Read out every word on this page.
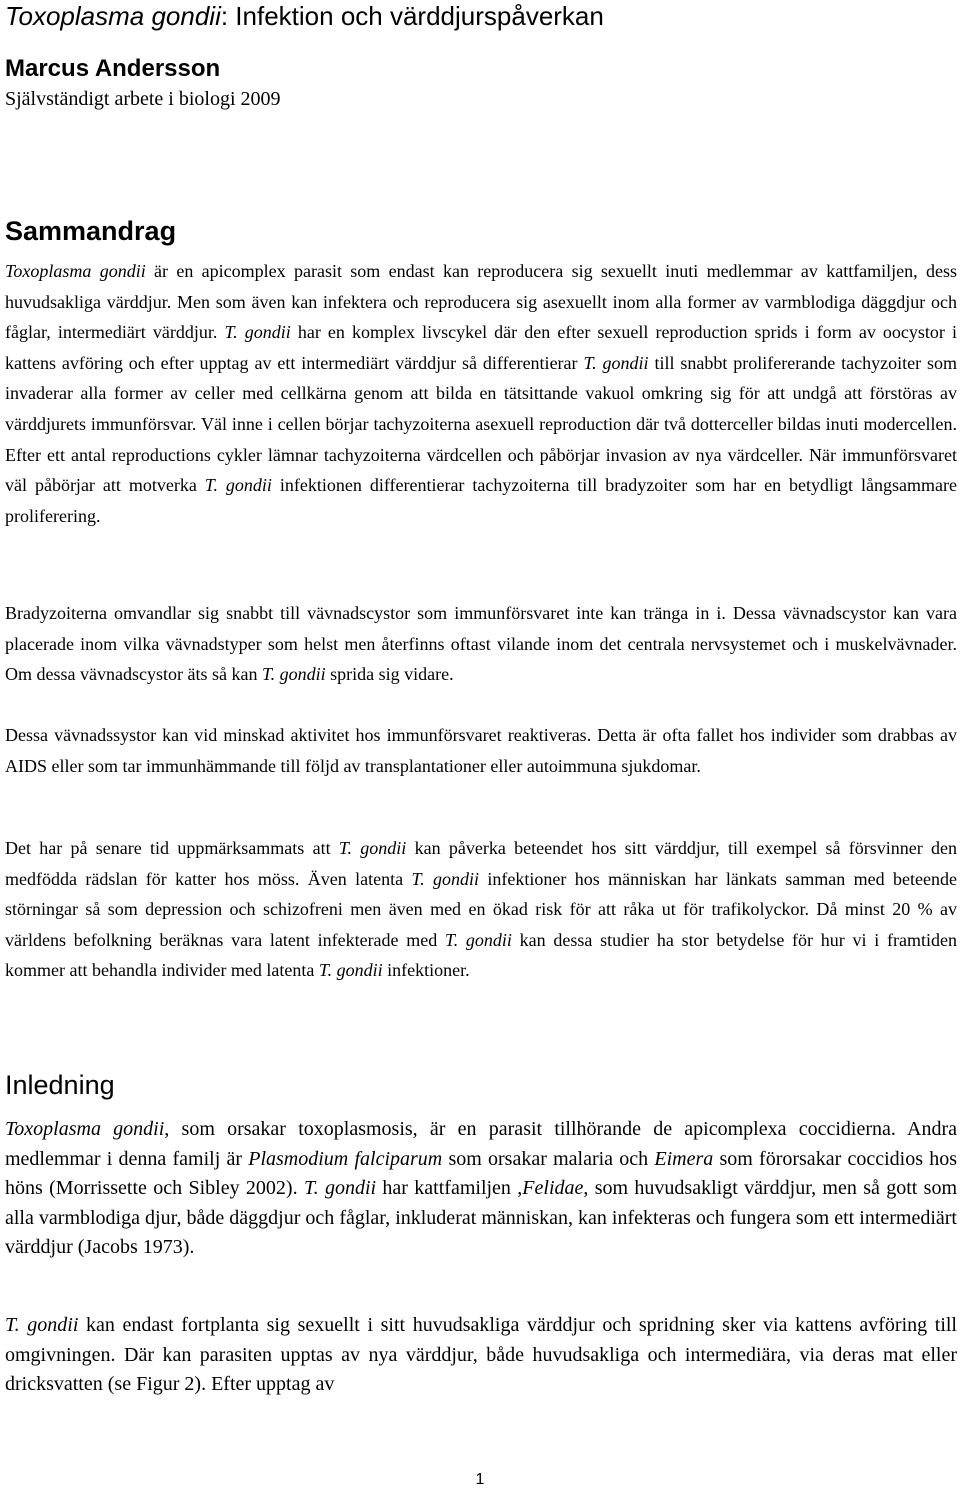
Toxoplasma gondii: Infektion och värddjurspåverkan
Marcus Andersson
Självständigt arbete i biologi 2009
Sammandrag

Toxoplasma gondii är en apicomplex parasit som endast kan reproducera sig sexuellt inuti medlemmar av kattfamiljen, dess huvudsakliga värddjur. Men som även kan infektera och reproducera sig asexuellt inom alla former av varmblodiga däggdjur och fåglar, intermediärt värddjur. T. gondii har en komplex livscykel där den efter sexuell reproduction sprids i form av oocystor i kattens avföring och efter upptag av ett intermediärt värddjur så differentierar T. gondii till snabbt prolifererande tachyzoiter som invaderar alla former av celler med cellkärna genom att bilda en tätsittande vakuol omkring sig för att undgå att förstöras av värddjurets immunförsvar. Väl inne i cellen börjar tachyzoiterna asexuell reproduction där två dotterceller bildas inuti modercellen. Efter ett antal reproductions cykler lämnar tachyzoiterna värdcellen och påbörjar invasion av nya värdceller. När immunförsvaret väl påbörjar att motverka T. gondii infektionen differentierar tachyzoiterna till bradyzoiter som har en betydligt långsammare proliferering.

Bradyzoiterna omvandlar sig snabbt till vävnadscystor som immunförsvaret inte kan tränga in i. Dessa vävnadscystor kan vara placerade inom vilka vävnadstyper som helst men återfinns oftast vilande inom det centrala nervsystemet och i muskelvävnader. Om dessa vävnadscystor äts så kan T. gondii sprida sig vidare.

Dessa vävnadssystor kan vid minskad aktivitet hos immunförsvaret reaktiveras. Detta är ofta fallet hos individer som drabbas av AIDS eller som tar immunhämmande till följd av transplantationer eller autoimmuna sjukdomar.

Det har på senare tid uppmärksammats att T. gondii kan påverka beteendet hos sitt värddjur, till exempel så försvinner den medfödda rädslan för katter hos möss. Även latenta T. gondii infektioner hos människan har länkats samman med beteende störningar så som depression och schizofreni men även med en ökad risk för att råka ut för trafikolyckor. Då minst 20 % av världens befolkning beräknas vara latent infekterade med T. gondii kan dessa studier ha stor betydelse för hur vi i framtiden kommer att behandla individer med latenta T. gondii infektioner.

Inledning

Toxoplasma gondii, som orsakar toxoplasmosis, är en parasit tillhörande de apicomplexa coccidierna. Andra medlemmar i denna familj är Plasmodium falciparum som orsakar malaria och Eimera som förorsakar coccidios hos höns (Morrissette och Sibley 2002). T. gondii har kattfamiljen ,Felidae, som huvudsakligt värddjur, men så gott som alla varmblodiga djur, både däggdjur och fåglar, inkluderat människan, kan infekteras och fungera som ett intermediärt värddjur (Jacobs 1973).

T. gondii kan endast fortplanta sig sexuellt i sitt huvudsakliga värddjur och spridning sker via kattens avföring till omgivningen. Där kan parasiten upptas av nya värddjur, både huvudsakliga och intermediära, via deras mat eller dricksvatten (se Figur 2). Efter upptag av

1
